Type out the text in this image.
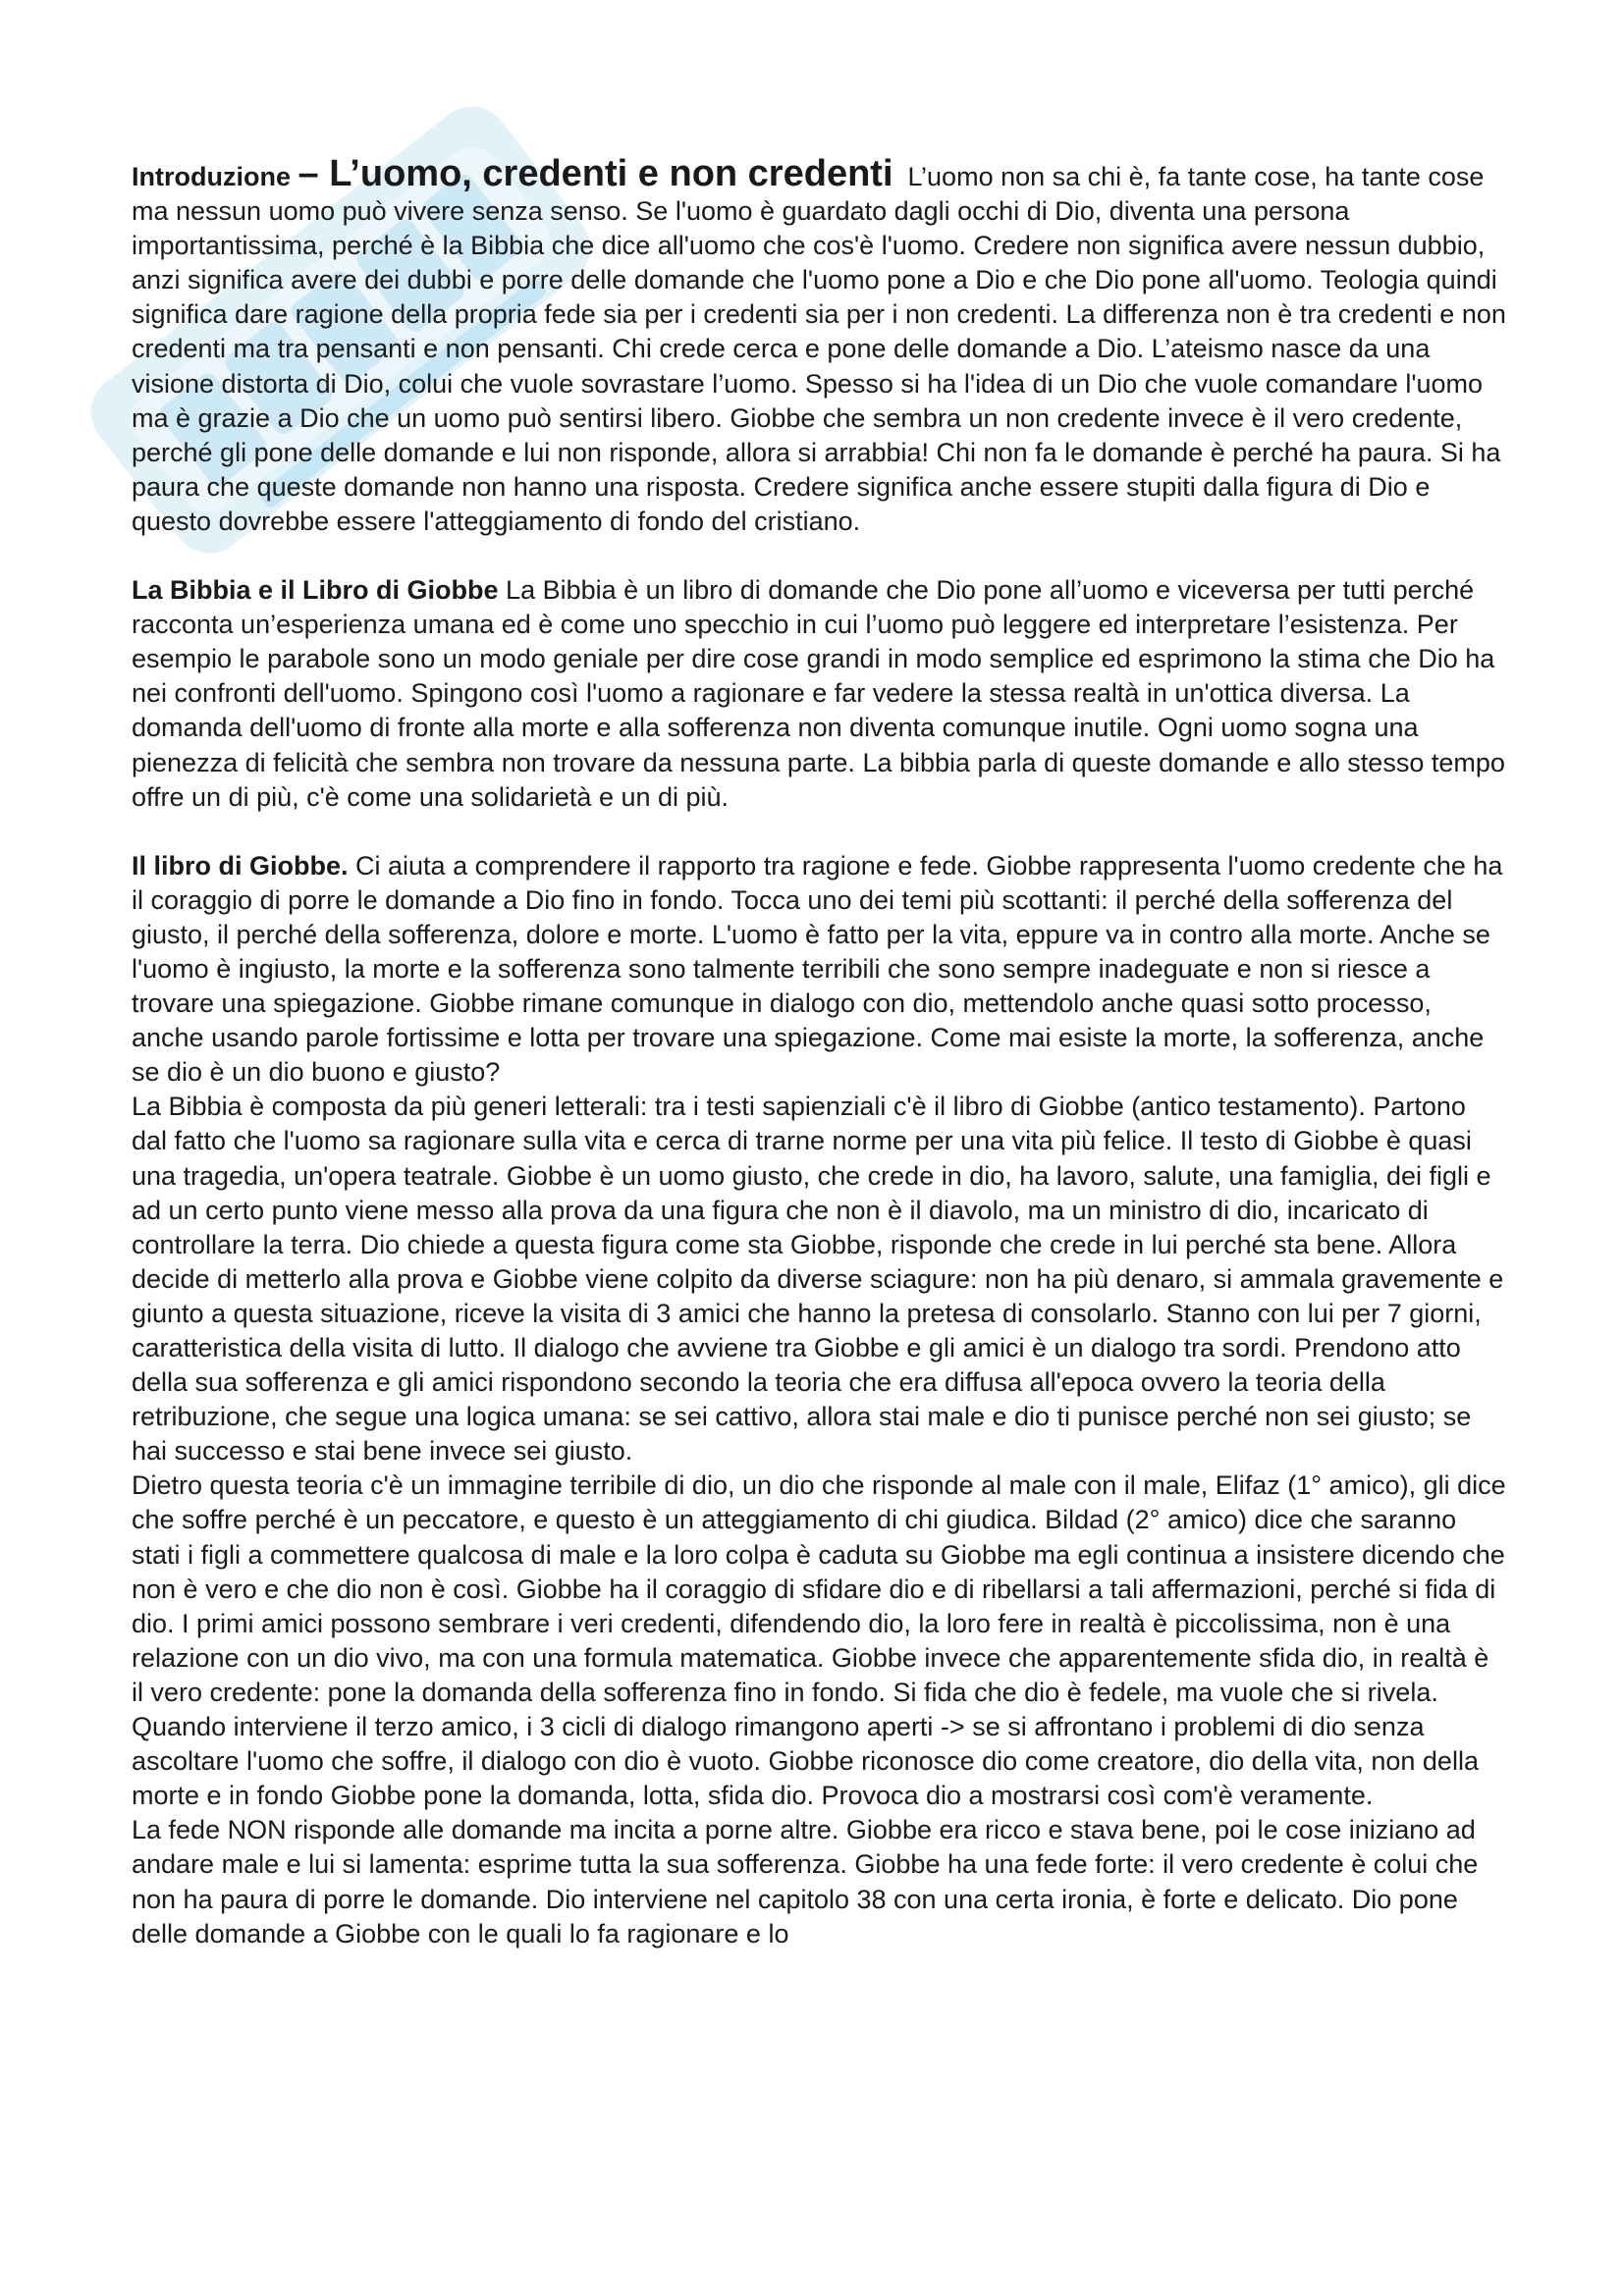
Introduzione – L’uomo, credenti e non credenti L’uomo non sa chi è, fa tante cose, ha tante cose ma nessun uomo può vivere senza senso. Se l'uomo è guardato dagli occhi di Dio, diventa una persona importantissima, perché è la Bibbia che dice all'uomo che cos'è l'uomo. Credere non significa avere nessun dubbio, anzi significa avere dei dubbi e porre delle domande che l'uomo pone a Dio e che Dio pone all'uomo. Teologia quindi significa dare ragione della propria fede sia per i credenti sia per i non credenti. La differenza non è tra credenti e non credenti ma tra pensanti e non pensanti. Chi crede cerca e pone delle domande a Dio. L’ateismo nasce da una visione distorta di Dio, colui che vuole sovrastare l’uomo. Spesso si ha l'idea di un Dio che vuole comandare l'uomo ma è grazie a Dio che un uomo può sentirsi libero. Giobbe che sembra un non credente invece è il vero credente, perché gli pone delle domande e lui non risponde, allora si arrabbia! Chi non fa le domande è perché ha paura. Si ha paura che queste domande non hanno una risposta. Credere significa anche essere stupiti dalla figura di Dio e questo dovrebbe essere l'atteggiamento di fondo del cristiano.

La Bibbia e il Libro di Giobbe La Bibbia è un libro di domande che Dio pone all’uomo e viceversa per tutti perché racconta un’esperienza umana ed è come uno specchio in cui l’uomo può leggere ed interpretare l’esistenza. Per esempio le parabole sono un modo geniale per dire cose grandi in modo semplice ed esprimono la stima che Dio ha nei confronti dell'uomo. Spingono così l'uomo a ragionare e far vedere la stessa realtà in un'ottica diversa. La domanda dell'uomo di fronte alla morte e alla sofferenza non diventa comunque inutile. Ogni uomo sogna una pienezza di felicità che sembra non trovare da nessuna parte. La bibbia parla di queste domande e allo stesso tempo offre un di più, c'è come una solidarietà e un di più.

Il libro di Giobbe. Ci aiuta a comprendere il rapporto tra ragione e fede. Giobbe rappresenta l'uomo credente che ha il coraggio di porre le domande a Dio fino in fondo. Tocca uno dei temi più scottanti: il perché della sofferenza del giusto, il perché della sofferenza, dolore e morte. L'uomo è fatto per la vita, eppure va in contro alla morte. Anche se l'uomo è ingiusto, la morte e la sofferenza sono talmente terribili che sono sempre inadeguate e non si riesce a trovare una spiegazione. Giobbe rimane comunque in dialogo con dio, mettendolo anche quasi sotto processo, anche usando parole fortissime e lotta per trovare una spiegazione. Come mai esiste la morte, la sofferenza, anche se dio è un dio buono e giusto?

La Bibbia è composta da più generi letterali: tra i testi sapienziali c'è il libro di Giobbe (antico testamento). Partono dal fatto che l'uomo sa ragionare sulla vita e cerca di trarne norme per una vita più felice. Il testo di Giobbe è quasi una tragedia, un'opera teatrale. Giobbe è un uomo giusto, che crede in dio, ha lavoro, salute, una famiglia, dei figli e ad un certo punto viene messo alla prova da una figura che non è il diavolo, ma un ministro di dio, incaricato di controllare la terra. Dio chiede a questa figura come sta Giobbe, risponde che crede in lui perché sta bene. Allora decide di metterlo alla prova e Giobbe viene colpito da diverse sciagure: non ha più denaro, si ammala gravemente e giunto a questa situazione, riceve la visita di 3 amici che hanno la pretesa di consolarlo. Stanno con lui per 7 giorni, caratteristica della visita di lutto. Il dialogo che avviene tra Giobbe e gli amici è un dialogo tra sordi. Prendono atto della sua sofferenza e gli amici rispondono secondo la teoria che era diffusa all'epoca ovvero la teoria della retribuzione, che segue una logica umana: se sei cattivo, allora stai male e dio ti punisce perché non sei giusto; se hai successo e stai bene invece sei giusto.

Dietro questa teoria c'è un immagine terribile di dio, un dio che risponde al male con il male, Elifaz (1° amico), gli dice che soffre perché è un peccatore, e questo è un atteggiamento di chi giudica. Bildad (2° amico) dice che saranno stati i figli a commettere qualcosa di male e la loro colpa è caduta su Giobbe ma egli continua a insistere dicendo che non è vero e che dio non è così. Giobbe ha il coraggio di sfidare dio e di ribellarsi a tali affermazioni, perché si fida di dio. I primi amici possono sembrare i veri credenti, difendendo dio, la loro fere in realtà è piccolissima, non è una relazione con un dio vivo, ma con una formula matematica. Giobbe invece che apparentemente sfida dio, in realtà è il vero credente: pone la domanda della sofferenza fino in fondo. Si fida che dio è fedele, ma vuole che si rivela. Quando interviene il terzo amico, i 3 cicli di dialogo rimangono aperti -> se si affrontano i problemi di dio senza ascoltare l'uomo che soffre, il dialogo con dio è vuoto. Giobbe riconosce dio come creatore, dio della vita, non della morte e in fondo Giobbe pone la domanda, lotta, sfida dio. Provoca dio a mostrarsi così com'è veramente.

La fede NON risponde alle domande ma incita a porne altre. Giobbe era ricco e stava bene, poi le cose iniziano ad andare male e lui si lamenta: esprime tutta la sua sofferenza. Giobbe ha una fede forte: il vero credente è colui che non ha paura di porre le domande. Dio interviene nel capitolo 38 con una certa ironia, è forte e delicato. Dio pone delle domande a Giobbe con le quali lo fa ragionare e lo
